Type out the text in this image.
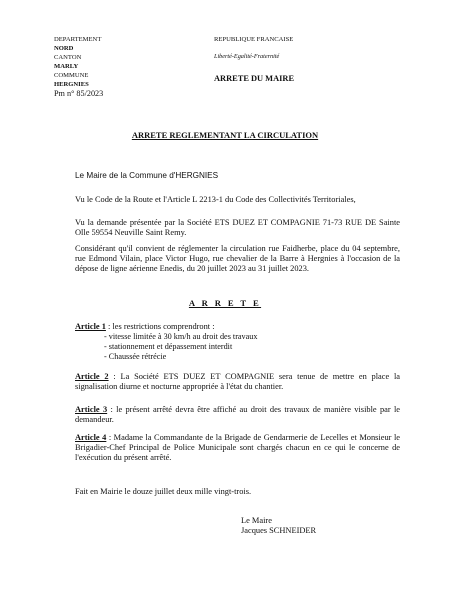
DEPARTEMENT
NORD
CANTON
MARLY
COMMUNE
HERGNIES
Pm n° 85/2023
REPUBLIQUE FRANCAISE
Liberté-Egalité-Fraternité
ARRETE DU MAIRE
ARRETE REGLEMENTANT LA CIRCULATION
Le Maire de la Commune d'HERGNIES
Vu le Code de la Route et l'Article L 2213-1 du Code des Collectivités Territoriales,
Vu la demande présentée par la Société ETS DUEZ ET COMPAGNIE 71-73 RUE DE Sainte Olle 59554 Neuville Saint Remy.
Considérant qu'il convient de réglementer la circulation rue Faidherbe, place du 04 septembre, rue Edmond Vilain, place Victor Hugo, rue chevalier de la Barre à Hergnies à l'occasion de la dépose de ligne aérienne Enedis, du 20 juillet 2023 au 31 juillet 2023.
A R R E T E
Article 1 : les restrictions comprendront :
- vitesse limitée à 30 km/h au droit des travaux
- stationnement et dépassement interdit
- Chaussée rétrécie
Article 2 : La Société ETS DUEZ ET COMPAGNIE sera tenue de mettre en place la signalisation diurne et nocturne appropriée à l'état du chantier.
Article 3 : le présent arrêté devra être affiché au droit des travaux de manière visible par le demandeur.
Article 4 : Madame la Commandante de la Brigade de Gendarmerie de Lecelles et Monsieur le Brigadier-Chef Principal de Police Municipale sont chargés chacun en ce qui le concerne de l'exécution du présent arrêté.
Fait en Mairie le douze juillet deux mille vingt-trois.
Le Maire
Jacques SCHNEIDER
